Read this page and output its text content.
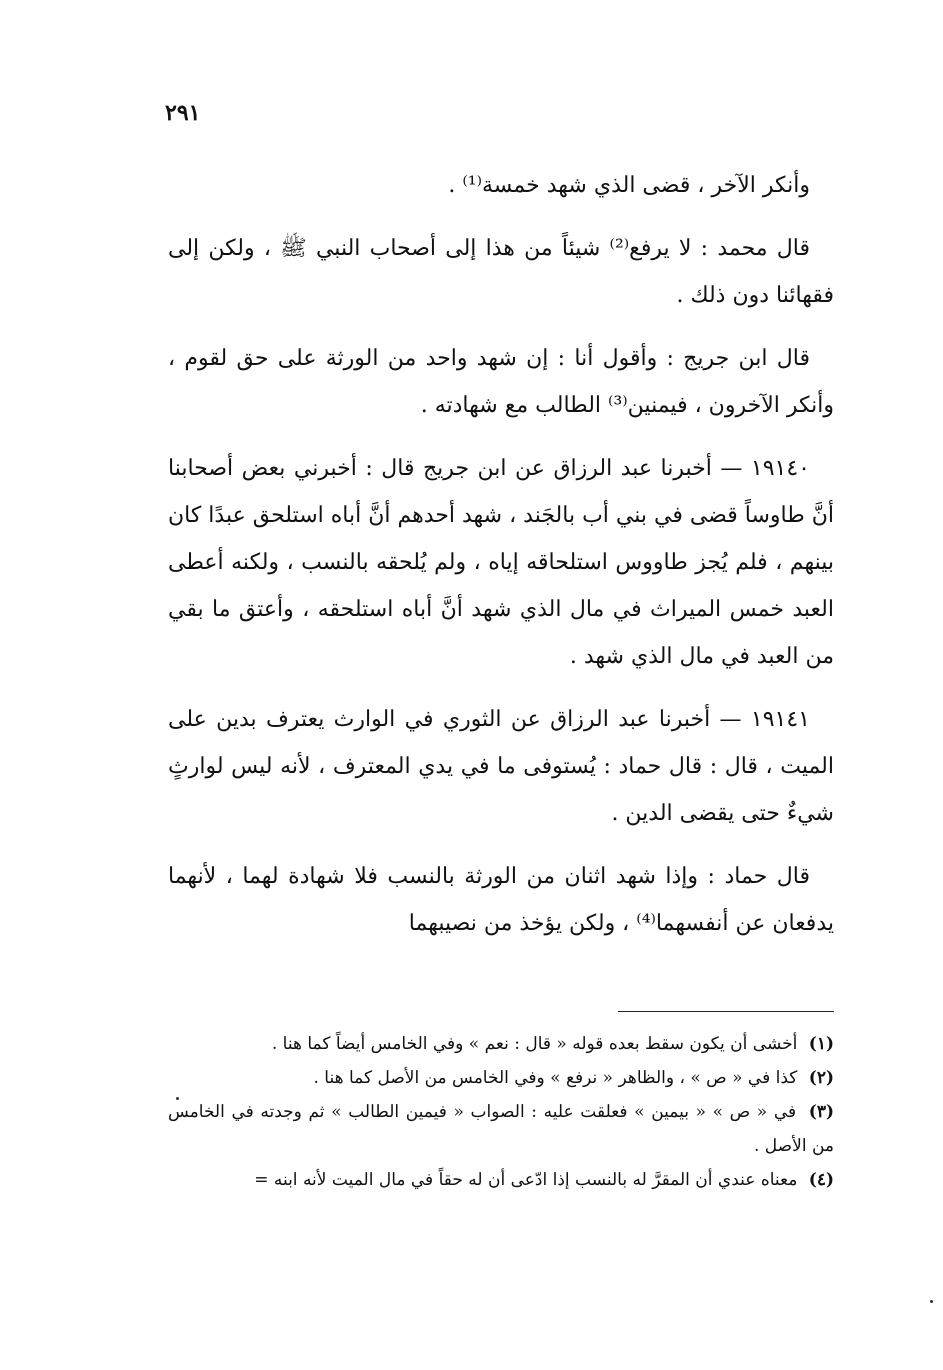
٢٩١

وأنكر الآخر ، قضى الذي شهد خمسة⁽¹⁾ .

قال محمد : لا يرفع⁽²⁾ شيئاً من هذا إلى أصحاب النبي ﷺ ، ولكن إلى فقهائنا دون ذلك .

قال ابن جريج : وأقول أنا : إن شهد واحد من الورثة على حق لقوم ، وأنكر الآخرون ، فيمنين⁽³⁾ الطالب مع شهادته .

١٩١٤٠ — أخبرنا عبد الرزاق عن ابن جريج قال : أخبرني بعض أصحابنا أنَّ طاوساً قضى في بني أب بالجَند ، شهد أحدهم أنَّ أباه استلحق عبدًا كان بينهم ، فلم يُجز طاووس استلحاقه إياه ، ولم يُلحقه بالنسب ، ولكنه أعطى العبد خمس الميراث في مال الذي شهد أنَّ أباه استلحقه ، وأعتق ما بقي من العبد في مال الذي شهد .

١٩١٤١ — أخبرنا عبد الرزاق عن الثوري في الوارث يعترف بدين على الميت ، قال : قال حماد : يُستوفى ما في يدي المعترف ، لأنه ليس لوارثٍ شيءٌ حتى يقضى الدين .

قال حماد : وإذا شهد اثنان من الورثة بالنسب فلا شهادة لهما ، لأنهما يدفعان عن أنفسهما⁽⁴⁾ ، ولكن يؤخذ من نصيبهما

(١) أخشى أن يكون سقط بعده قوله « قال : نعم » وفي الخامس أيضاً كما هنا .

(٢) كذا في « ص » ، والظاهر « نرفع » وفي الخامس من الأصل كما هنا .

(٣) في « ص » « بيمين » فعلقت عليه : الصواب « فيمين الطالب » ثم وجدته في الخامس من الأصل .

(٤) معناه عندي أن المقرَّ له بالنسب إذا ادّعى أن له حقاً في مال الميت لأنه ابنه =
